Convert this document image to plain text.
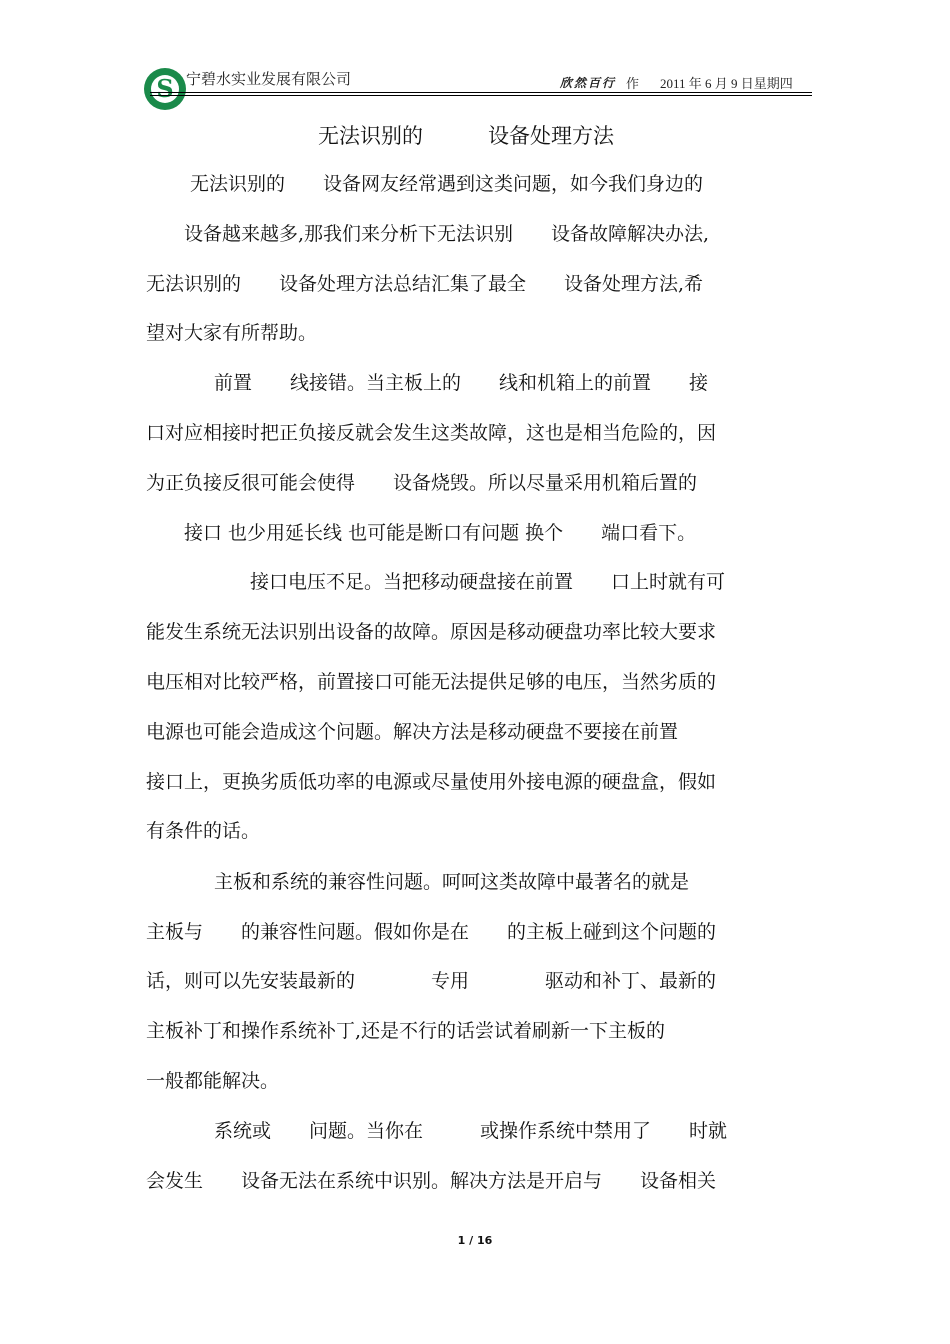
S 宁碧水实业发展有限公司	欣然百行 作 2011 年 6 月 9 日星期四
无法识别的	设备处理方法
无法识别的　　设备网友经常遇到这类问题，如今我们身边的
设备越来越多,那我们来分析下无法识别　　设备故障解决办法,
无法识别的　　设备处理方法总结汇集了最全　　设备处理方法,希
望对大家有所帮助。
前置　　线接错。当主板上的　　线和机箱上的前置　　接
口对应相接时把正负接反就会发生这类故障，这也是相当危险的，因
为正负接反很可能会使得　　设备烧毁。所以尽量采用机箱后置的
接口 也少用延长线 也可能是断口有问题 换个　　端口看下。
接口电压不足。当把移动硬盘接在前置　　口上时就有可
能发生系统无法识别出设备的故障。原因是移动硬盘功率比较大要求
电压相对比较严格，前置接口可能无法提供足够的电压，当然劣质的
电源也可能会造成这个问题。解决方法是移动硬盘不要接在前置
接口上，更换劣质低功率的电源或尽量使用外接电源的硬盘盒，假如
有条件的话。
主板和系统的兼容性问题。呵呵这类故障中最著名的就是
主板与　　的兼容性问题。假如你是在　　的主板上碰到这个问题的
话，则可以先安装最新的　　　　专用　　　　驱动和补丁、最新的
主板补丁和操作系统补丁,还是不行的话尝试着刷新一下主板的
一般都能解决。
系统或　　问题。当你在　　　或操作系统中禁用了　　时就
会发生　　设备无法在系统中识别。解决方法是开启与　　设备相关
1 / 16
